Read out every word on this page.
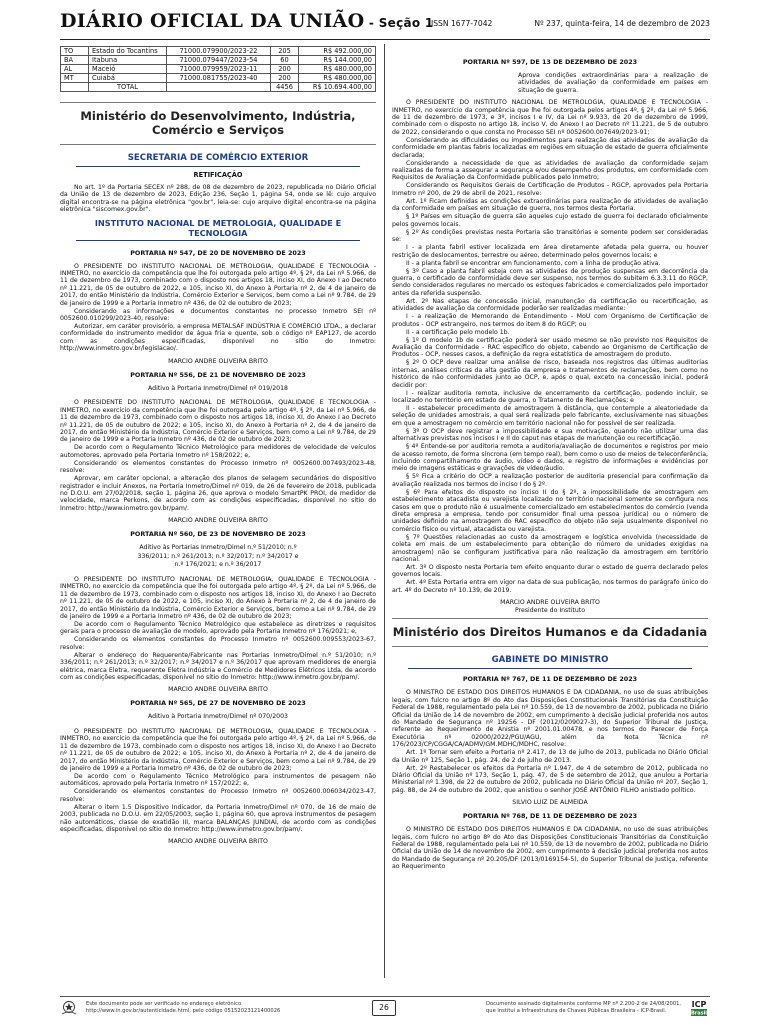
DIÁRIO OFICIAL DA UNIÃO - Seção 1
ISSN 1677-7042	Nº 237, quinta-feira, 14 de dezembro de 2023
TO	Estado do Tocantins	71000.079900/2023-22	205	R$ 492.000,00
BA	Itabuna	71000.079447/2023-54	60	R$ 144.000,00
AL	Maceió	71000.079959/2023-11	200	R$ 480.000,00
MT	Cuiabá	71000.081755/2023-40	200	R$ 480.000,00
	TOTAL		4456	R$ 10.694.400,00
Ministério do Desenvolvimento, Indústria, Comércio e Serviços
SECRETARIA DE COMÉRCIO EXTERIOR
RETIFICAÇÃO

No art. 1º da Portaria SECEX nº 288, de 08 de dezembro de 2023, republicada no Diário Oficial da União de 13 de dezembro de 2023, Edição 236, Seção 1, página 54, onde se lê: cujo arquivo digital encontra-se na página eletrônica "gov.br", leia-se: cujo arquivo digital encontra-se na página eletrônica "siscomex.gov.br".

INSTITUTO NACIONAL DE METROLOGIA, QUALIDADE E TECNOLOGIA
PORTARIA Nº 547, DE 20 DE NOVEMBRO DE 2023

O PRESIDENTE DO INSTITUTO NACIONAL DE METROLOGIA, QUALIDADE E TECNOLOGIA - INMETRO, no exercício da competência que lhe foi outorgada pelo artigo 4º, § 2º, da Lei nº 5.966, de 11 de dezembro de 1973, combinado com o disposto nos artigos 18, inciso XI, do Anexo I ao Decreto nº 11.221, de 05 de outubro de 2022, e 105, inciso XI, do Anexo à Portaria nº 2, de 4 de janeiro de 2017, do então Ministério da Indústria, Comércio Exterior e Serviços, bem como a Lei nº 9.784, de 29 de janeiro de 1999 e a Portaria Inmetro nº 436, de 02 de outubro de 2023;

Considerando as informações e documentos constantes no processo Inmetro SEI nº 0052600.010299/2023-40, resolve:

Autorizar, em caráter provisório, a empresa METALSAF INDÚSTRIA E COMÉRCIO LTDA., a declarar conformidade do instrumento medidor de água fria e quente, sob o código nº EAP127, de acordo com as condições especificadas, disponível no sítio do Inmetro: http://www.inmetro.gov.br/legislacao/.

MARCIO ANDRE OLIVEIRA BRITO
PORTARIA Nº 556, DE 21 DE NOVEMBRO DE 2023
Aditivo à Portaria Inmetro/Dimel nº 019/2018

O PRESIDENTE DO INSTITUTO NACIONAL DE METROLOGIA, QUALIDADE E TECNOLOGIA - INMETRO, no exercício da competência que lhe foi outorgada pelo artigo 4º, § 2º, da Lei nº 5.966, de 11 de dezembro de 1973, combinado com o disposto nos artigos 18, inciso XI, do Anexo I ao Decreto nº 11.221, de 05 de outubro de 2022; e 105, inciso XI, do Anexo à Portaria nº 2, de 4 de janeiro de 2017, do então Ministério da Indústria, Comércio Exterior e Serviços, bem como a Lei nº 9.784, de 29 de janeiro de 1999 e a Portaria Inmetro nº 436, de 02 de outubro de 2023;

De acordo com o Regulamento Técnico Metrológico para medidores de velocidade de veículos automotores, aprovado pela Portaria Inmetro nº 158/2022; e,

Considerando os elementos constantes do Processo Inmetro nº 0052600.007493/2023-48, resolve:

Aprovar, em caráter opcional, a alteração dos planos de selagem secundários do dispositivo registrador e incluir Anexos, na Portaria Inmetro/Dimel nº 019, de 26 de fevereiro de 2018, publicada no D.O.U. em 27/02/2018, seção 1, página 26, que aprova o modelo SmartPK PROI, de medidor de velocidade, marca Perkons, de acordo com as condições especificadas, disponível no sítio do Inmetro: http://www.inmetro.gov.br/pam/.

MARCIO ANDRE OLIVEIRA BRITO
PORTARIA Nº 560, DE 23 DE NOVEMBRO DE 2023
Aditivo às Portarias Inmetro/Dimel n.º 51/2010; n.º
336/2011; n.º 261/2013; n.º 32/2017; n.º 34/2017 e
n.º 176/2021; e n.º 36/2017

O PRESIDENTE DO INSTITUTO NACIONAL DE METROLOGIA, QUALIDADE E TECNOLOGIA - INMETRO, no exercício da competência que lhe foi outorgada pelo artigo 4º, § 2º, da Lei nº 5.966, de 11 de dezembro de 1973, combinado com o disposto nos artigos 18, inciso XI, do Anexo I ao Decreto nº 11.221, de 05 de outubro de 2022, e 105, inciso XI, do Anexo à Portaria nº 2, de 4 de janeiro de 2017, do então Ministério da Indústria, Comércio Exterior e Serviços, bem como a Lei nº 9.784, de 29 de janeiro de 1999 e a Portaria Inmetro nº 436, de 02 de outubro de 2023;

De acordo com o Regulamento Técnico Metrológico que estabelece as diretrizes e requisitos gerais para o processo de avaliação de modelo, aprovado pela Portaria Inmetro nº 176/2021; e,

Considerando os elementos constantes do Processo Inmetro nº 0052600.009553/2023-67, resolve:

Alterar o endereço do Requerente/Fabricante nas Portarias Inmetro/Dimel n.º 51/2010; n.º 336/2011; n.º 261/2013; n.º 32/2017; n.º 34/2017 e n.º 36/2017 que aprovam medidores de energia elétrica, marca Eletra, requerente Eletra Indústria e Comércio de Medidores Elétricos Ltda, de acordo com as condições especificadas, disponível no sítio do Inmetro: http://www.inmetro.gov.br/pam/.

MARCIO ANDRE OLIVEIRA BRITO
PORTARIA Nº 565, DE 27 DE NOVEMBRO DE 2023
Aditivo à Portaria Inmetro/Dimel nº 070/2003

O PRESIDENTE DO INSTITUTO NACIONAL DE METROLOGIA, QUALIDADE E TECNOLOGIA - INMETRO, no exercício da competência que lhe foi outorgada pelo artigo 4º, § 2º, da Lei nº 5.966, de 11 de dezembro de 1973, combinado com o disposto nos artigos 18, inciso XI, do Anexo I ao Decreto nº 11.221, de 05 de outubro de 2022; e 105, inciso XI, do Anexo à Portaria nº 2, de 4 de janeiro de 2017, do então Ministério da Indústria, Comércio Exterior e Serviços, bem como a Lei nº 9.784, de 29 de janeiro de 1999 e a Portaria Inmetro nº 436, de 02 de outubro de 2023;

De acordo com o Regulamento Técnico Metrológico para instrumentos de pesagem não automáticos, aprovado pela Portaria Inmetro nº 157/2022; e,

Considerando os elementos constantes do Processo Inmetro nº 0052600.006034/2023-47, resolve:

Alterar o item 1.5 Dispositivo Indicador, da Portaria Inmetro/Dimel nº 070, de 16 de maio de 2003, publicada no D.O.U. em 22/05/2003, seção 1, página 60, que aprova instrumentos de pesagem não automáticos, classe de exatidão III, marca BALANÇAS JUNDIAÍ, de acordo com as condições especificadas, disponível no sítio do Inmetro: http://www.inmetro.gov.br/pam/.

MARCIO ANDRE OLIVEIRA BRITO
PORTARIA Nº 597, DE 13 DE DEZEMBRO DE 2023

Aprova condições extraordinárias para a realização de atividades de avaliação da conformidade em países em situação de guerra.

O PRESIDENTE DO INSTITUTO NACIONAL DE METROLOGIA, QUALIDADE E TECNOLOGIA - INMETRO, no exercício da competência que lhe foi outorgada pelos artigos 4º, § 2º, da Lei nº 5.966, de 11 de dezembro de 1973, e 3º, incisos I e IV, da Lei nº 9.933, de 20 de dezembro de 1999, combinado com o disposto no artigo 18, inciso V, do Anexo I ao Decreto nº 11.221, de 5 de outubro de 2022, considerando o que consta no Processo SEI nº 0052600.007649/2023-91;

Considerando as dificuldades ou impedimentos para realização das atividades de avaliação da conformidade em plantas fabris localizadas em regiões em situação de estado de guerra oficialmente declarada;

Considerando a necessidade de que as atividades de avaliação da conformidade sejam realizadas de forma a assegurar a segurança e/ou desempenho dos produtos, em conformidade com Requisitos de Avaliação da Conformidade publicados pelo Inmetro;

Considerando os Requisitos Gerais de Certificação de Produtos - RGCP, aprovados pela Portaria Inmetro nº 200, de 29 de abril de 2021, resolve:

Art. 1º Ficam definidas as condições extraordinárias para realização de atividades de avaliação da conformidade em países em situação de guerra, nos termos desta Portaria.

§ 1º Países em situação de guerra são aqueles cujo estado de guerra foi declarado oficialmente pelos governos locais.

§ 2º As condições previstas nesta Portaria são transitórias e somente podem ser consideradas se:

I - a planta fabril estiver localizada em área diretamente afetada pela guerra, ou houver restrição de deslocamentos, terrestre ou aéreo, determinado pelos governos locais; e

II - a planta fabril se encontrar em funcionamento, com a linha de produção ativa.

§ 3º Caso a planta fabril esteja com as atividades de produção suspensas em decorrência da guerra, o certificado de conformidade deve ser suspenso, nos termos do subitem 6.3.3.11 do RGCP, sendo considerados regulares no mercado os estoques fabricados e comercializados pelo importador antes da referida suspensão.

Art. 2º Nas etapas de concessão inicial, manutenção da certificação ou recertificação, as atividades de avaliação da conformidade poderão ser realizadas mediante:

I - a realização de Memorando de Entendimento - MoU com Organismo de Certificação de produtos - OCP estrangeiro, nos termos do item 8 do RGCP; ou

II - a certificação pelo modelo 1b.

§ 1º O modelo 1b de certificação poderá ser usado mesmo se não previsto nos Requisitos de Avaliação da Conformidade - RAC específico do objeto, cabendo ao Organismo de Certificação de Produtos - OCP, nesses casos, a definição da regra estatística de amostragem do produto.

§ 2º O OCP deve realizar uma análise de risco, baseada nos registros das últimas auditorias internas, análises críticas da alta gestão da empresa e tratamentos de reclamações, bem como no histórico de não conformidades junto ao OCP, e, após o qual, exceto na concessão inicial, poderá decidir por:

I - realizar auditoria remota, inclusive de encerramento da certificação, podendo incluir, se localizado no território em estado de guerra, o Tratamento de Reclamações; e

II - estabelecer procedimento de amostragem à distância, que contemple a aleatoriedade da seleção de unidades amostrais, a qual será realizada pelo fabricante, exclusivamente nas situações em que a amostragem no comércio em território nacional não for possível de ser realizada.

§ 3º O OCP deve registrar a impossibilidade e sua motivação, quando não utilizar uma das alternativas previstas nos incisos I e II do caput nas etapas de manutenção ou recertificação.

§ 4º Entende-se por auditoria remota a auditoria/avaliação de documentos e registros por meio de acesso remoto, de forma síncrona (em tempo real), bem como o uso de meios de teleconferência, incluindo compartilhamento de áudio, vídeo e dados, e registro de informações e evidências por meio de imagens estáticas e gravações de vídeo/áudio.

§ 5º Fica a critério do OCP a realização posterior de auditoria presencial para confirmação da avaliação realizada nos termos do inciso I do § 2º.

§ 6º Para efeitos do disposto no inciso II do § 2º, a impossibilidade de amostragem em estabelecimento atacadista ou varejista localizado no território nacional somente se configura nos casos em que o produto não é usualmente comercializado em estabelecimentos do comércio (venda direta empresa a empresa, tendo por consumidor final uma pessoa jurídica) ou o número de unidades definido na amostragem do RAC específico do objeto não seja usualmente disponível no comércio físico ou virtual, atacadista ou varejista.

§ 7º Questões relacionadas ao custo da amostragem e logística envolvida (necessidade de coleta em mais de um estabelecimento para obtenção do número de unidades exigidas na amostragem) não se configuram justificativa para não realização da amostragem em território nacional.

Art. 3º O disposto nesta Portaria tem efeito enquanto durar o estado de guerra declarado pelos governos locais.

Art. 4º Esta Portaria entra em vigor na data de sua publicação, nos termos do parágrafo único do art. 4º do Decreto nº 10.139, de 2019.

MARCIO ANDRE OLIVEIRA BRITO
Presidente do Instituto
Ministério dos Direitos Humanos e da Cidadania
GABINETE DO MINISTRO
PORTARIA Nº 767, DE 11 DE DEZEMBRO DE 2023

O MINISTRO DE ESTADO DOS DIREITOS HUMANOS E DA CIDADANIA, no uso de suas atribuições legais, com fulcro no artigo 8º do Ato das Disposições Constitucionais Transitórias da Constituição Federal de 1988, regulamentado pela Lei nº 10.559, de 13 de novembro de 2002, publicada no Diário Oficial da União de 14 de novembro de 2002, em cumprimento à decisão judicial proferida nos autos do Mandado de Segurança nº 19256 - DF (2012/0209027-3), do Superior Tribunal de Justiça, referente ao Requerimento de Anistia nº 2001.01.00478, e nos termos do Parecer de Força Executória nº 02000/2022/PGU/AGU, além da Nota Técnica nº 176/2023/CP/CGGA/CA/ADMV/GM.MDHC/MDHC, resolve:

Art. 1º Tornar sem efeito a Portaria nº 2.417, de 13 de julho de 2013, publicada no Diário Oficial da União nº 125, Seção 1, pág. 24, de 2 de julho de 2013.

Art. 2º Restabelecer os efeitos da Portaria nº 1.947, de 4 de setembro de 2012, publicada no Diário Oficial da União nº 173, Seção 1, pág. 47, de 5 de setembro de 2012, que anulou a Portaria Ministerial nº 1.398, de 22 de outubro de 2002, publicada no Diário Oficial da União nº 207, Seção 1, pág. 88, de 24 de outubro de 2002, que anistiou o senhor JOSÉ ANTÔNIO FILHO anistiado político.

SILVIO LUIZ DE ALMEIDA
PORTARIA Nº 768, DE 11 DE DEZEMBRO DE 2023

O MINISTRO DE ESTADO DOS DIREITOS HUMANOS E DA CIDADANIA, no uso de suas atribuições legais, com fulcro no artigo 8º do Ato das Disposições Constitucionais Transitórias da Constituição Federal de 1988, regulamentado pela Lei nº 10.559, de 13 de novembro de 2002, publicada no Diário Oficial da União de 14 de novembro de 2002, em cumprimento à decisão judicial proferida nos autos do Mandado de Segurança nº 20.205/DF (2013/0169154-5), do Superior Tribunal de Justiça, referente ao Requerimento

Este documento pode ser verificado no endereço eletrônico
http://www.in.gov.br/autenticidade.html, pelo código 05152023121400026	26	Documento assinado digitalmente conforme MP nº 2.200-2 de 24/08/2001,
que institui a Infraestrutura de Chaves Públicas Brasileira - ICP-Brasil.
ICP
Brasil
